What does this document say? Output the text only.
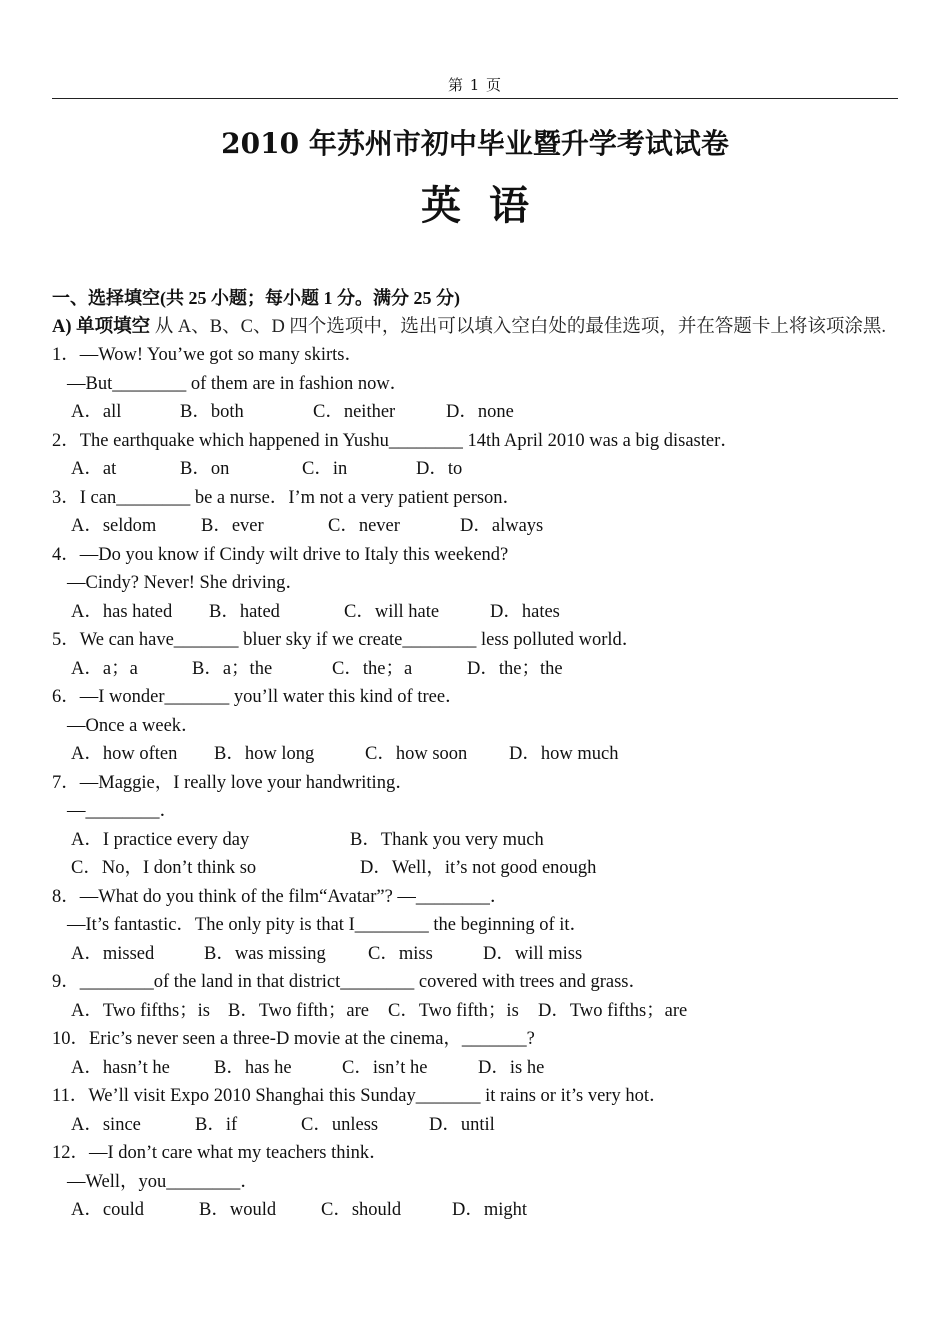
第 1 页
2010 年苏州市初中毕业暨升学考试试卷
英语
一、选择填空(共 25 小题；每小题 1 分。满分 25 分)
A) 单项填空 从 A、B、C、D 四个选项中，选出可以填入空白处的最佳选项，并在答题卡上将该项涂黑.
1．—Wow! You’we got so many skirts．
—But________ of them are in fashion now．
A．all	B．both	C．neither	D．none
2．The earthquake which happened in Yushu________ 14th April 2010 was a big disaster．
A．at	B．on	C．in	D．to
3．I can________ be a nurse．I’m not a very patient person．
A．seldom B．ever	C．never	D．always
4．—Do you know if Cindy wilt drive to Italy this weekend?
—Cindy? Never! She driving．
A．has hated B．hated	C．will hate	D．hates
5．We can have_______ bluer sky if we create________ less polluted world．
A．a；a	B．a；the	C．the；a	D．the；the
6．—I wonder_______ you’ll water this kind of tree．
—Once a week．
A．how often B．how long	C．how soon D．how much
7．—Maggie，I really love your handwriting．
—________．
A．I practice every day	B．Thank you very much
C．No，I don’t think so	D．Well，it’s not good enough
8．—What do you think of the film“Avatar”? —________．
—It’s fantastic．The only pity is that I________ the beginning of it．
A．missed	B．was missing C．miss	D．will miss
9．________of the land in that district________ covered with trees and grass．
A．Two fifths；is B．Two fifth；are C．Two fifth；is D．Two fifths；are
10．Eric’s never seen a three-D movie at the cinema，_______?
A．hasn’t he B．has he	C．isn’t he	D．is he
11．We’ll visit Expo 2010 Shanghai this Sunday_______ it rains or it’s very hot．
A．since	B．if	C．unless	D．until
12．—I don’t care what my teachers think．
—Well，you________．
A．could	B．would C．should	D．might
